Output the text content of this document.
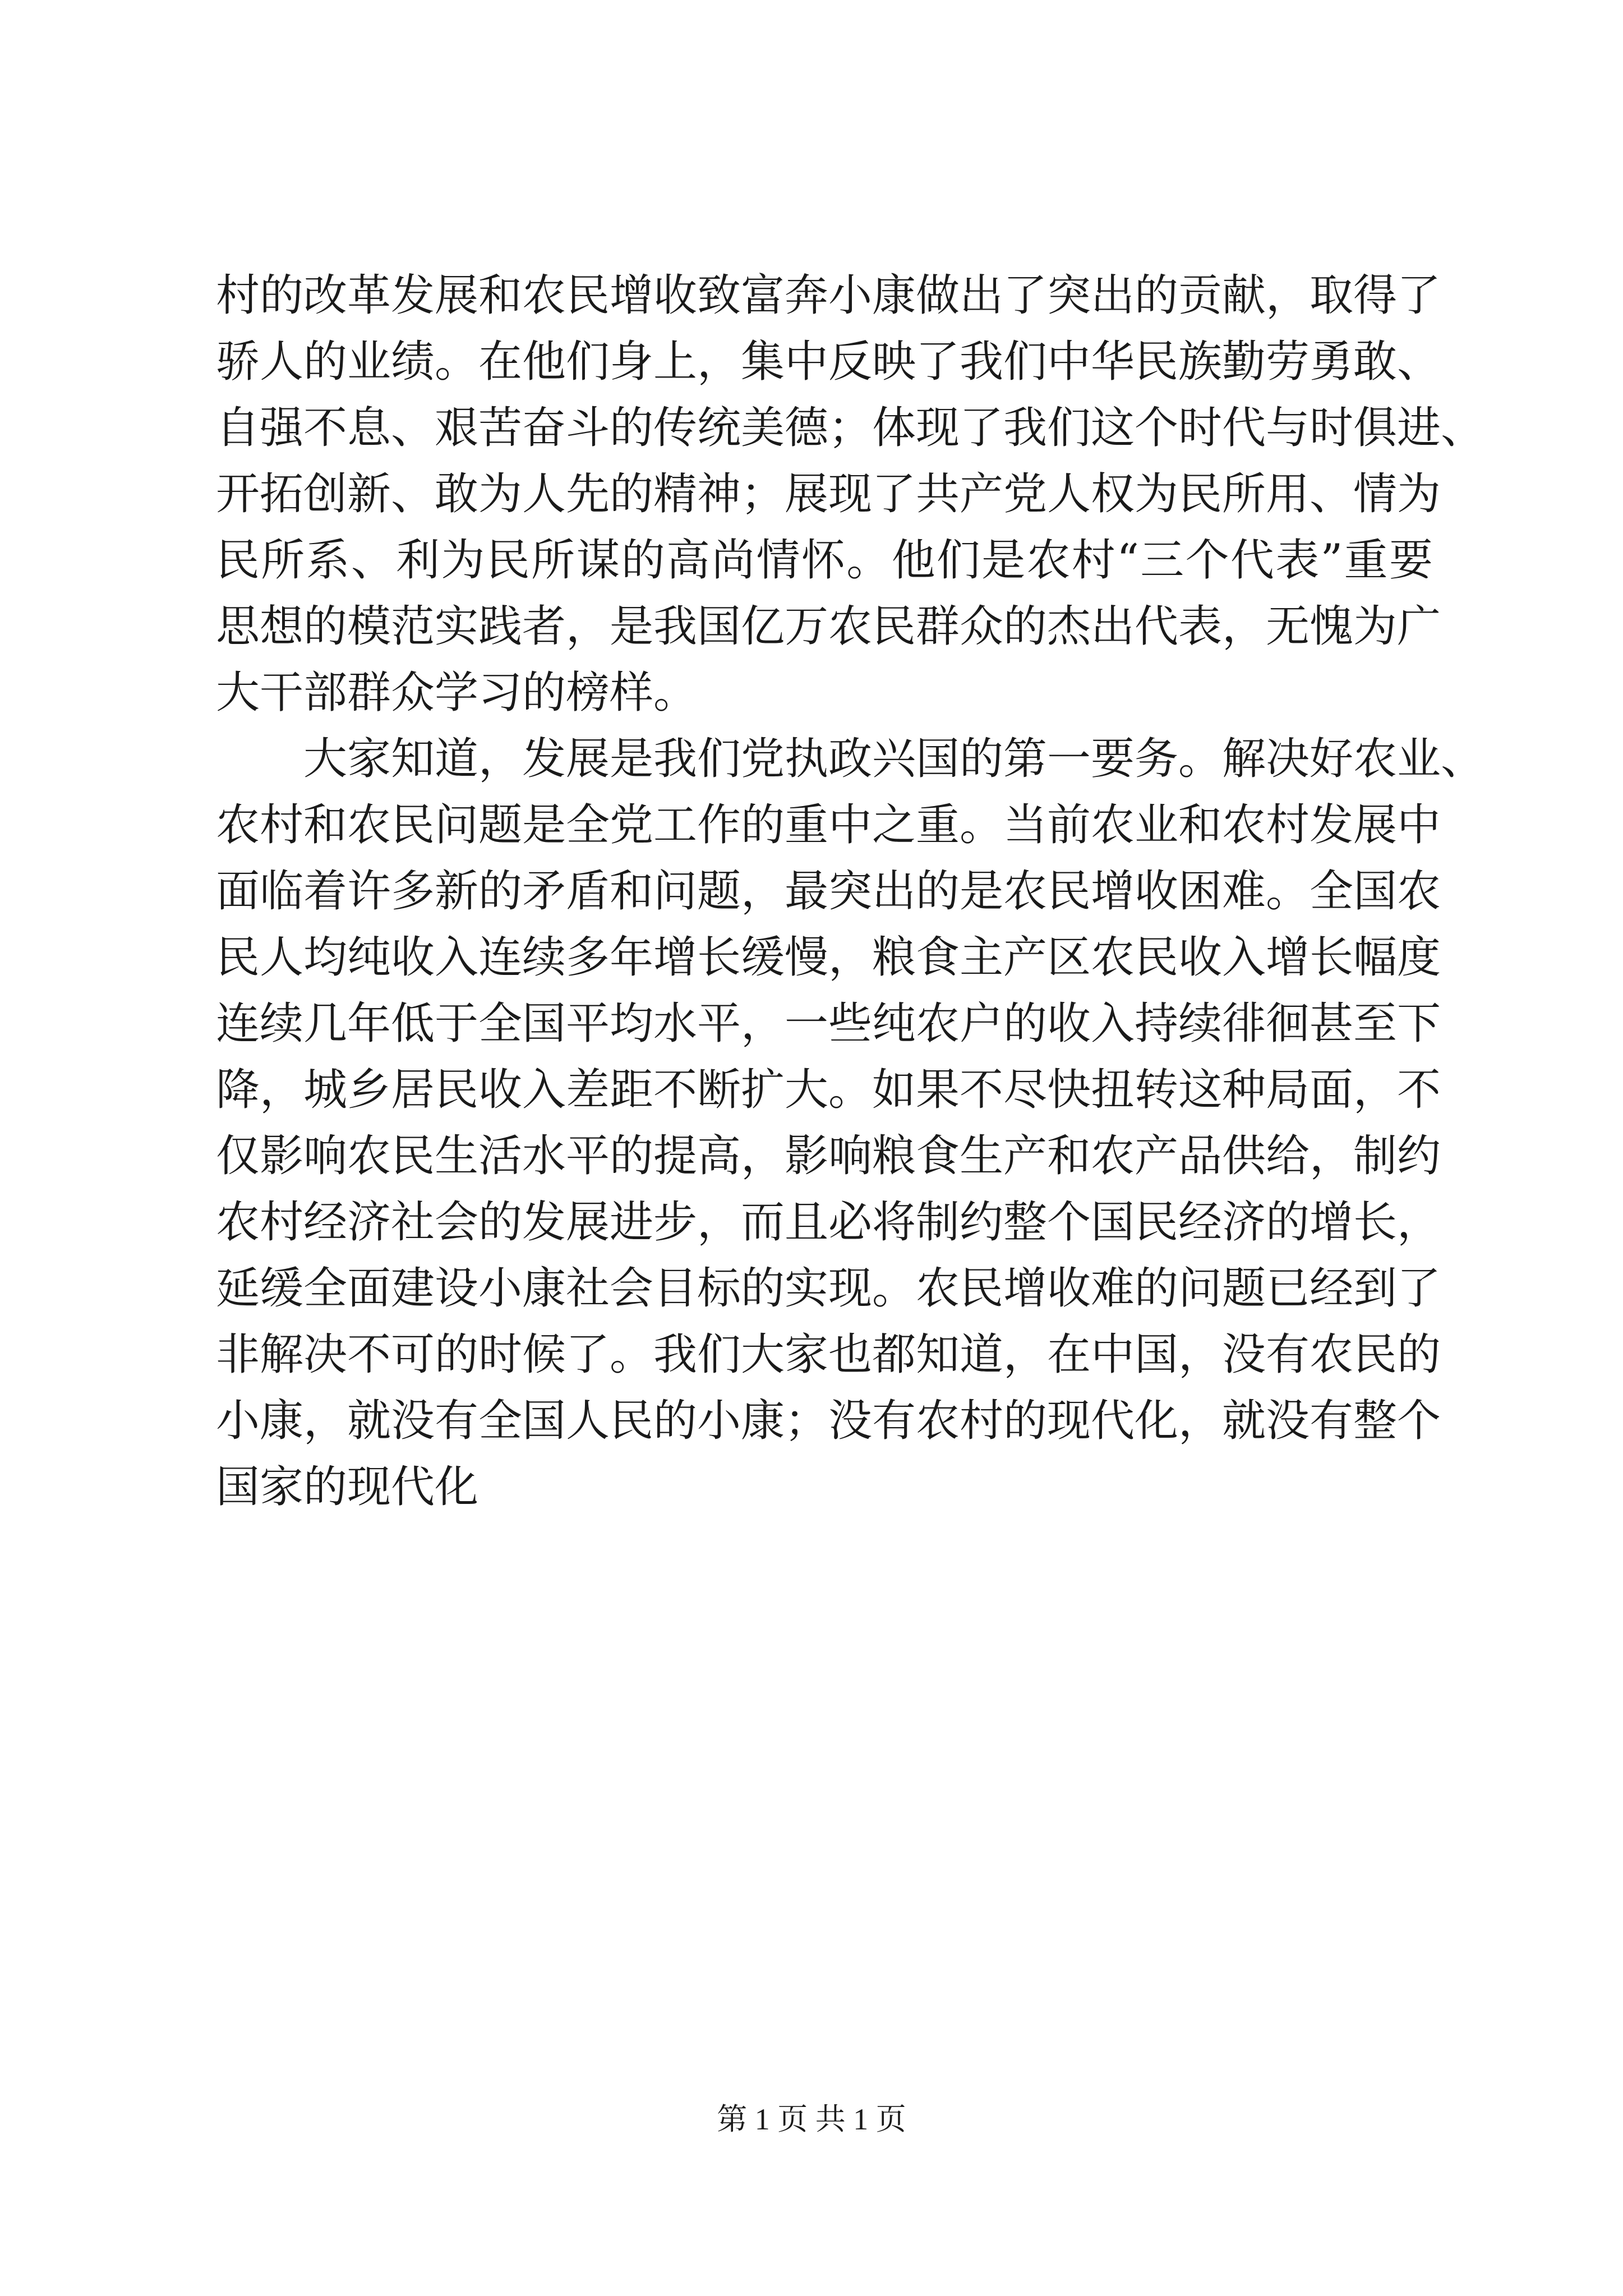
村的改革发展和农民增收致富奔小康做出了突出的贡献，取得了
骄人的业绩。在他们身上，集中反映了我们中华民族勤劳勇敢、
自强不息、艰苦奋斗的传统美德；体现了我们这个时代与时俱进、
开拓创新、敢为人先的精神；展现了共产党人权为民所用、情为
民所系、利为民所谋的高尚情怀。他们是农村“三个代表”重要
思想的模范实践者，是我国亿万农民群众的杰出代表，无愧为广
大干部群众学习的榜样。
大家知道，发展是我们党执政兴国的第一要务。解决好农业、
农村和农民问题是全党工作的重中之重。当前农业和农村发展中
面临着许多新的矛盾和问题，最突出的是农民增收困难。全国农
民人均纯收入连续多年增长缓慢，粮食主产区农民收入增长幅度
连续几年低于全国平均水平，一些纯农户的收入持续徘徊甚至下
降，城乡居民收入差距不断扩大。如果不尽快扭转这种局面，不
仅影响农民生活水平的提高，影响粮食生产和农产品供给，制约
农村经济社会的发展进步，而且必将制约整个国民经济的增长，
延缓全面建设小康社会目标的实现。农民增收难的问题已经到了
非解决不可的时候了。我们大家也都知道，在中国，没有农民的
小康，就没有全国人民的小康；没有农村的现代化，就没有整个
国家的现代化
第 1 页 共 1 页
